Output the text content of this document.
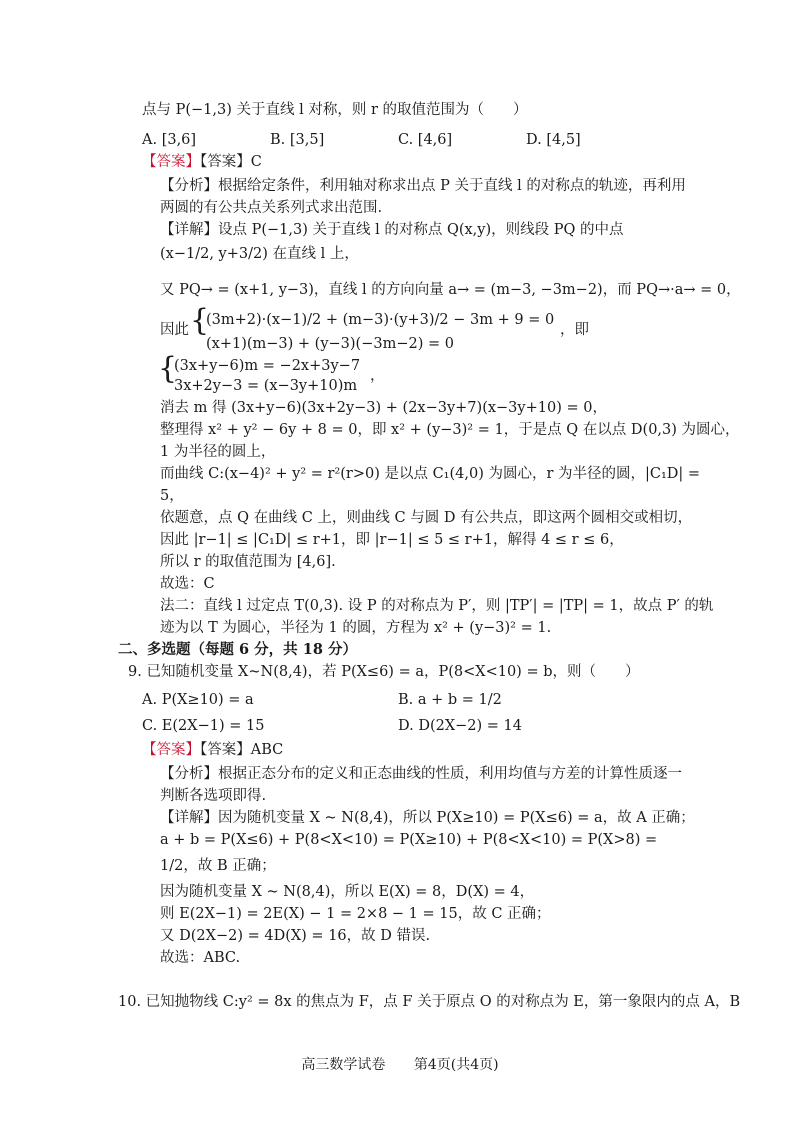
点与 P(−1,3) 关于直线 l 对称，则 r 的取值范围为（　　）
A. [3,6]	B. [3,5]	C. [4,6]	D. [4,5]
【答案】【答案】C
【分析】根据给定条件，利用轴对称求出点 P 关于直线 l 的对称点的轨迹，再利用
两圆的有公共点关系列式求出范围.
【详解】设点 P(−1,3) 关于直线 l 的对称点 Q(x,y)，则线段 PQ 的中点
(x−1/2, y+3/2) 在直线 l 上，
又 PQ→ = (x+1, y−3)，直线 l 的方向向量 a→ = (m−3, −3m−2)，而 PQ→·a→ = 0，
因此 {
(3m+2)·(x−1)/2 + (m−3)·(y+3)/2 − 3m + 9 = 0
(x+1)(m−3) + (y−3)(−3m−2) = 0
，即
{
(3x+y−6)m = −2x+3y−7
3x+2y−3 = (x−3y+10)m
，
消去 m 得 (3x+y−6)(3x+2y−3) + (2x−3y+7)(x−3y+10) = 0，
整理得 x² + y² − 6y + 8 = 0，即 x² + (y−3)² = 1，于是点 Q 在以点 D(0,3) 为圆心，
1 为半径的圆上，
而曲线 C:(x−4)² + y² = r²(r>0) 是以点 C₁(4,0) 为圆心，r 为半径的圆，|C₁D| =
5，
依题意，点 Q 在曲线 C 上，则曲线 C 与圆 D 有公共点，即这两个圆相交或相切，
因此 |r−1| ≤ |C₁D| ≤ r+1，即 |r−1| ≤ 5 ≤ r+1，解得 4 ≤ r ≤ 6，
所以 r 的取值范围为 [4,6].
故选：C
法二：直线 l 过定点 T(0,3). 设 P 的对称点为 P′，则 |TP′| = |TP| = 1，故点 P′ 的轨
迹为以 T 为圆心，半径为 1 的圆，方程为 x² + (y−3)² = 1.
二、多选题（每题 6 分，共 18 分）
9. 已知随机变量 X~N(8,4)，若 P(X≤6) = a，P(8<X<10) = b，则（　　）
A. P(X≥10) = a	B. a + b = 1/2
C. E(2X−1) = 15	D. D(2X−2) = 14
【答案】【答案】ABC
【分析】根据正态分布的定义和正态曲线的性质，利用均值与方差的计算性质逐一
判断各选项即得.
【详解】因为随机变量 X ~ N(8,4)，所以 P(X≥10) = P(X≤6) = a，故 A 正确；
a + b = P(X≤6) + P(8<X<10) = P(X≥10) + P(8<X<10) = P(X>8) =
1/2，故 B 正确；
因为随机变量 X ~ N(8,4)，所以 E(X) = 8，D(X) = 4，
则 E(2X−1) = 2E(X) − 1 = 2×8 − 1 = 15，故 C 正确；
又 D(2X−2) = 4D(X) = 16，故 D 错误.
故选：ABC.
10. 已知抛物线 C:y² = 8x 的焦点为 F，点 F 关于原点 O 的对称点为 E，第一象限内的点 A，B
高三数学试卷 第4页(共4页)
